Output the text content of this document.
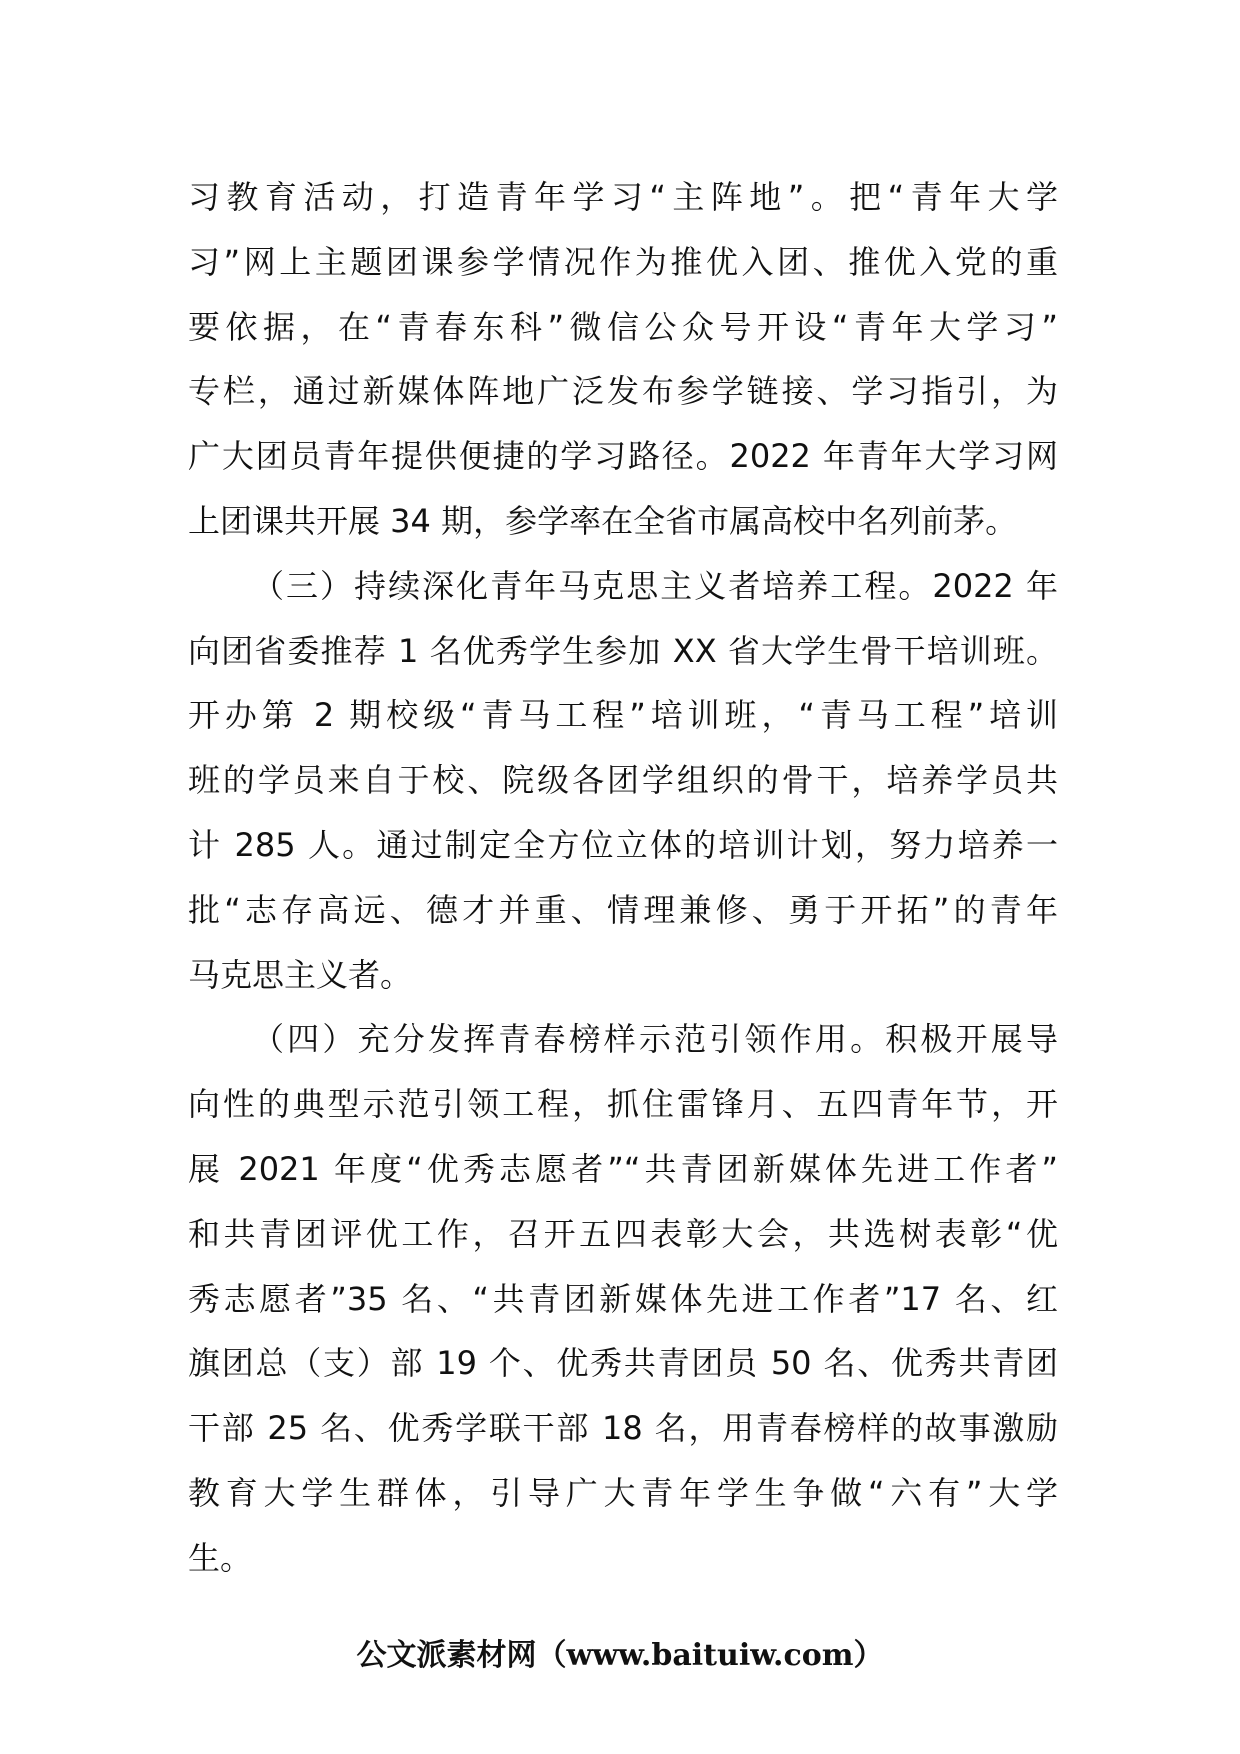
习教育活动，打造青年学习“主阵地”。把“青年大学
习”网上主题团课参学情况作为推优入团、推优入党的重
要依据，在“青春东科”微信公众号开设“青年大学习”
专栏，通过新媒体阵地广泛发布参学链接、学习指引，为
广大团员青年提供便捷的学习路径。2022 年青年大学习网
上团课共开展 34 期，参学率在全省市属高校中名列前茅。
（三）持续深化青年马克思主义者培养工程。2022 年
向团省委推荐 1 名优秀学生参加 XX 省大学生骨干培训班。
开办第 2 期校级“青马工程”培训班，“青马工程”培训
班的学员来自于校、院级各团学组织的骨干，培养学员共
计 285 人。通过制定全方位立体的培训计划，努力培养一
批“志存高远、德才并重、情理兼修、勇于开拓”的青年
马克思主义者。
（四）充分发挥青春榜样示范引领作用。积极开展导
向性的典型示范引领工程，抓住雷锋月、五四青年节，开
展 2021 年度“优秀志愿者”“共青团新媒体先进工作者”
和共青团评优工作，召开五四表彰大会，共选树表彰“优
秀志愿者”35 名、“共青团新媒体先进工作者”17 名、红
旗团总（支）部 19 个、优秀共青团员 50 名、优秀共青团
干部 25 名、优秀学联干部 18 名，用青春榜样的故事激励
教育大学生群体，引导广大青年学生争做“六有”大学
生。
公文派素材网（www.baituiw.com）
